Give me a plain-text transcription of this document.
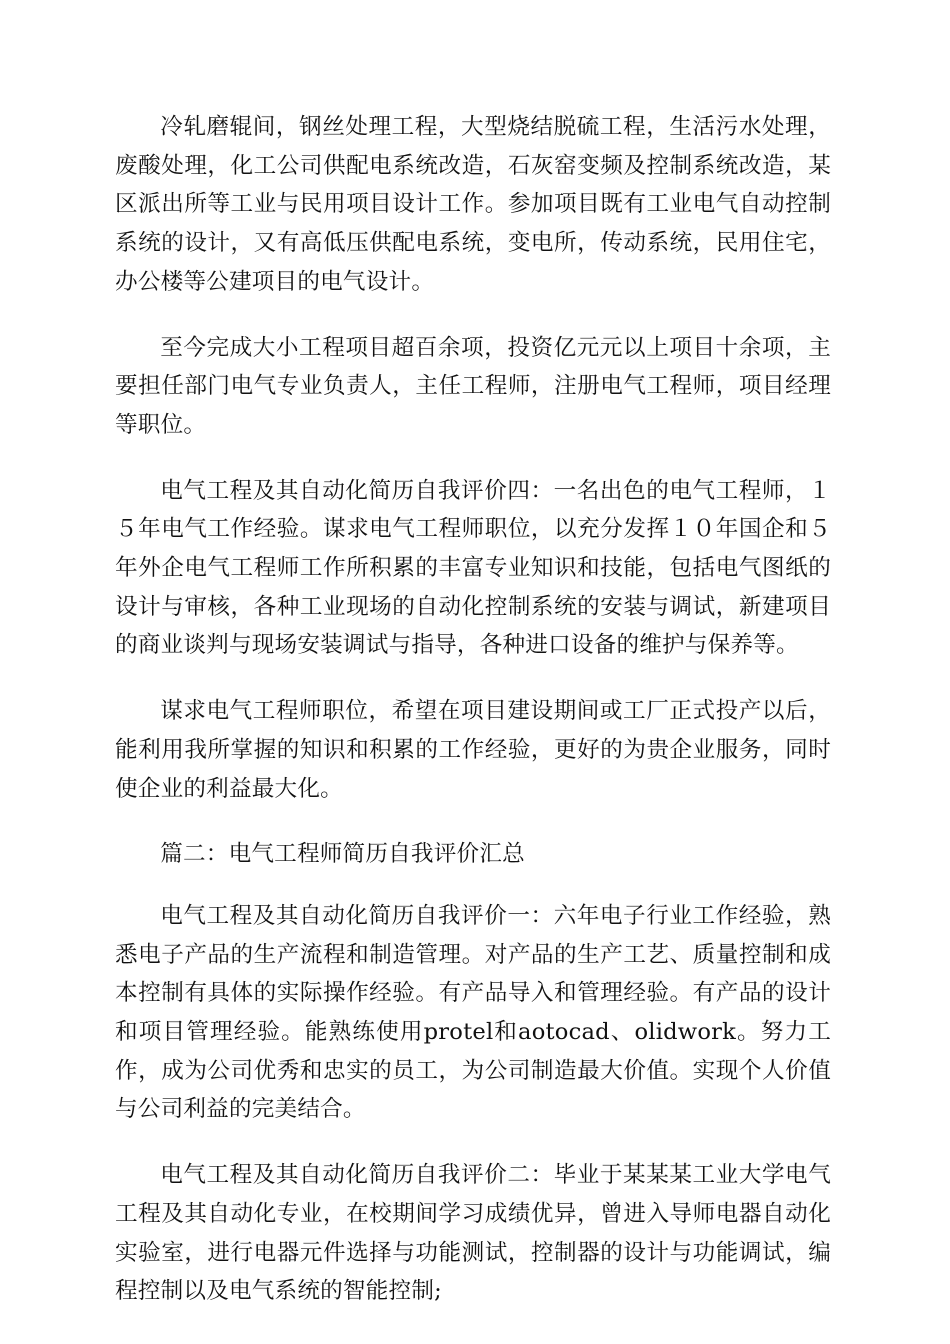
冷轧磨辊间，钢丝处理工程，大型烧结脱硫工程，生活污水处理，废酸处理，化工公司供配电系统改造，石灰窑变频及控制系统改造，某区派出所等工业与民用项目设计工作。参加项目既有工业电气自动控制系统的设计，又有高低压供配电系统，变电所，传动系统，民用住宅，办公楼等公建项目的电气设计。

至今完成大小工程项目超百余项，投资亿元元以上项目十余项，主要担任部门电气专业负责人，主任工程师，注册电气工程师，项目经理等职位。

电气工程及其自动化简历自我评价四：一名出色的电气工程师，１５年电气工作经验。谋求电气工程师职位，以充分发挥１０年国企和５年外企电气工程师工作所积累的丰富专业知识和技能，包括电气图纸的设计与审核，各种工业现场的自动化控制系统的安装与调试，新建项目的商业谈判与现场安装调试与指导，各种进口设备的维护与保养等。

谋求电气工程师职位，希望在项目建设期间或工厂正式投产以后，能利用我所掌握的知识和积累的工作经验，更好的为贵企业服务，同时使企业的利益最大化。

篇二：电气工程师简历自我评价汇总

电气工程及其自动化简历自我评价一：六年电子行业工作经验，熟悉电子产品的生产流程和制造管理。对产品的生产工艺、质量控制和成本控制有具体的实际操作经验。有产品导入和管理经验。有产品的设计和项目管理经验。能熟练使用protel和aotocad、olidwork。努力工作，成为公司优秀和忠实的员工，为公司制造最大价值。实现个人价值与公司利益的完美结合。

电气工程及其自动化简历自我评价二：毕业于某某某工业大学电气工程及其自动化专业，在校期间学习成绩优异，曾进入导师电器自动化实验室，进行电器元件选择与功能测试，控制器的设计与功能调试，编程控制以及电气系统的智能控制;
